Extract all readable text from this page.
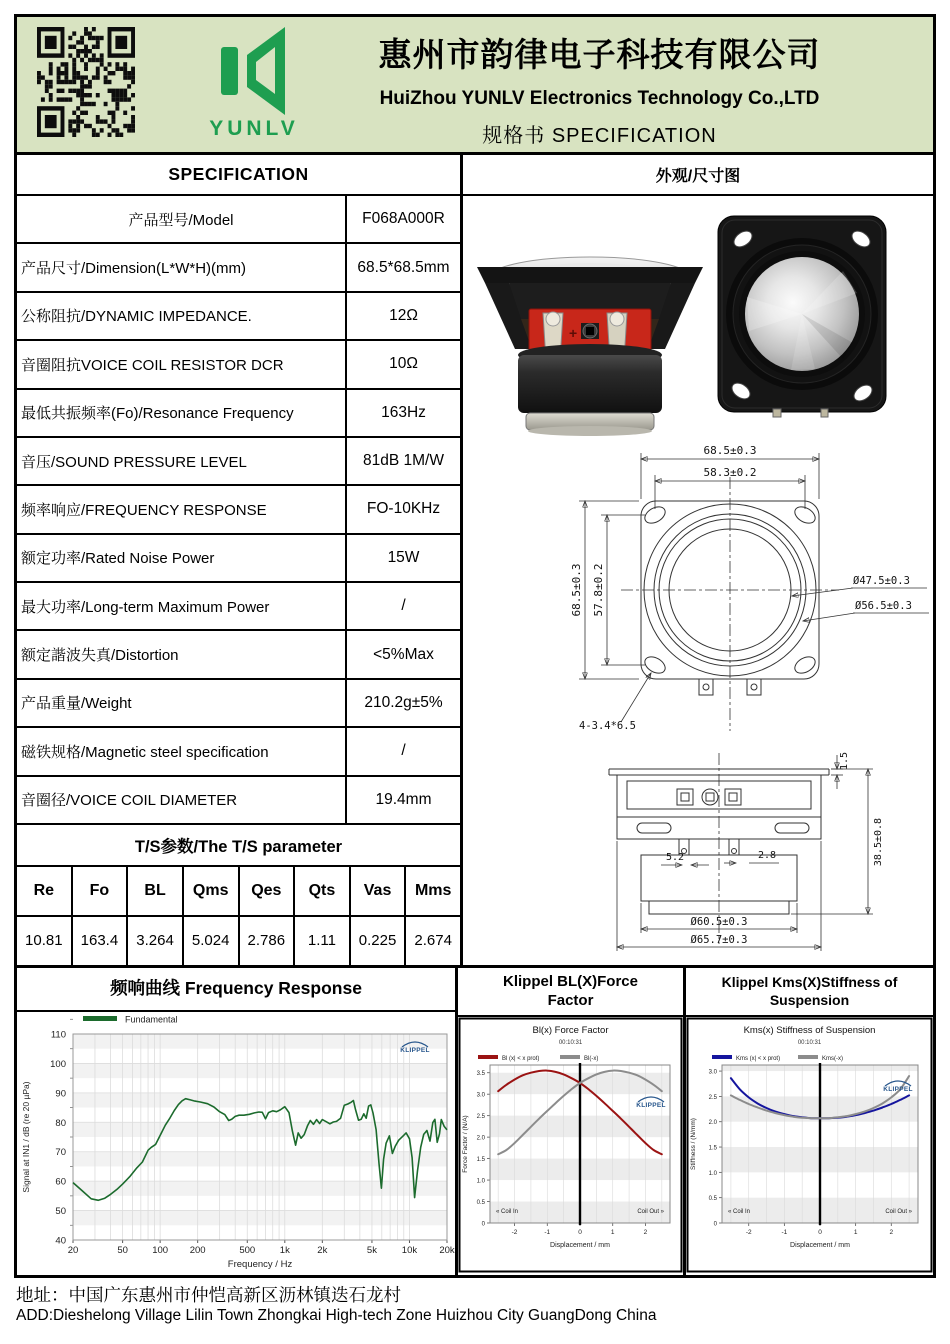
YUNLV
惠州市韵律电子科技有限公司
HuiZhou YUNLV Electronics Technology Co.,LTD
规格书 SPECIFICATION
SPECIFICATION
产品型号/Model	F068A000R
产品尺寸/Dimension(L*W*H)(mm)	68.5*68.5mm
公称阻抗/DYNAMIC IMPEDANCE.	12Ω
音圈阻抗VOICE COIL RESISTOR DCR	10Ω
最低共振频率(Fo)/Resonance Frequency	163Hz
音压/SOUND PRESSURE LEVEL	81dB 1M/W
频率响应/FREQUENCY RESPONSE	FO-10KHz
额定功率/Rated Noise Power	15W
最大功率/Long-term Maximum Power	/
额定諧波失真/Distortion	<5%Max
产品重量/Weight	210.2g±5%
磁铁规格/Magnetic steel specification	/
音圈径/VOICE COIL DIAMETER	19.4mm
T/S参数/The T/S parameter
Re	Fo	BL	Qms	Qes	Qts	Vas	Mms
10.81	163.4	3.264	5.024	2.786	1.11	0.225	2.674
外观/尺寸图
+
68.5±0.3
58.3±0.2
68.5±0.3 57.8±0.2	Ø47.5±0.3
Ø56.5±0.3
4-3.4*6.5
1.5
38.5±0.8
5.2	2.8
Ø60.5±0.3
Ø65.7±0.3
频响曲线 Frequency Response
40
50
60
70
80
90
100
110
20	50	100 200	500	1k	2k	5k	10k 20k
Fundamental
Frequency / Hz
Signal at IN1 / dB (re 20 µPa)
KLIPPEL
Klippel BL(X)Force Factor
Bl(x) Force Factor
00:10:31
Bl (x| < x prot)	Bl(-x)
0
0.5
1.0
1.5
2.0
2.5
3.0
3.5
-2	-1	0	1	2
« Coil In	Coil Out »
Displacement / mm
Force Factor / (N/A)
KLIPPEL
Klippel Kms(X)Stiffness of Suspension
Kms(x) Stiffness of Suspension
00:10:31
Kms (x| < x prot)	Kms(-x)
0
0.5
1.0
1.5
2.0
2.5
3.0
-2	-1	0	1	2
« Coil In	Coil Out »
Displacement / mm
Stiffness / (N/mm)
KLIPPEL
地址：中国广东惠州市仲恺高新区沥林镇迭石龙村
ADD:Dieshelong Village Lilin Town Zhongkai High-tech Zone Huizhou City GuangDong China
